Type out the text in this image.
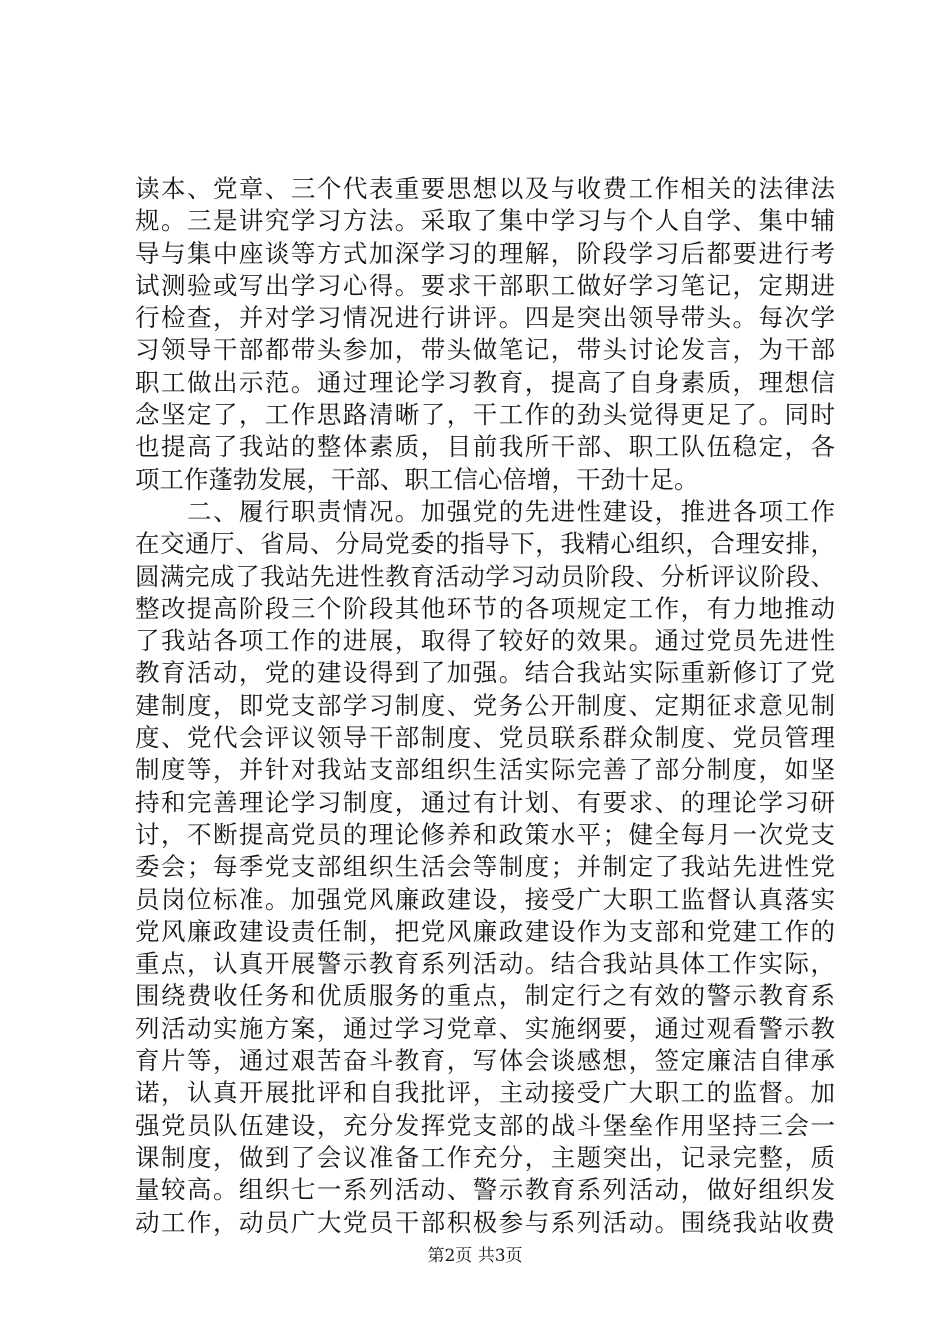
读本、党章、三个代表重要思想以及与收费工作相关的法律法
规。三是讲究学习方法。采取了集中学习与个人自学、集中辅
导与集中座谈等方式加深学习的理解，阶段学习后都要进行考
试测验或写出学习心得。要求干部职工做好学习笔记，定期进
行检查，并对学习情况进行讲评。四是突出领导带头。每次学
习领导干部都带头参加，带头做笔记，带头讨论发言，为干部
职工做出示范。通过理论学习教育，提高了自身素质，理想信
念坚定了，工作思路清晰了，干工作的劲头觉得更足了。同时
也提高了我站的整体素质，目前我所干部、职工队伍稳定，各
项工作蓬勃发展，干部、职工信心倍增，干劲十足。
　　二、履行职责情况。加强党的先进性建设，推进各项工作
在交通厅、省局、分局党委的指导下，我精心组织，合理安排，
圆满完成了我站先进性教育活动学习动员阶段、分析评议阶段、
整改提高阶段三个阶段其他环节的各项规定工作，有力地推动
了我站各项工作的进展，取得了较好的效果。通过党员先进性
教育活动，党的建设得到了加强。结合我站实际重新修订了党
建制度，即党支部学习制度、党务公开制度、定期征求意见制
度、党代会评议领导干部制度、党员联系群众制度、党员管理
制度等，并针对我站支部组织生活实际完善了部分制度，如坚
持和完善理论学习制度，通过有计划、有要求、的理论学习研
讨，不断提高党员的理论修养和政策水平；健全每月一次党支
委会；每季党支部组织生活会等制度；并制定了我站先进性党
员岗位标准。加强党风廉政建设，接受广大职工监督认真落实
党风廉政建设责任制，把党风廉政建设作为支部和党建工作的
重点，认真开展警示教育系列活动。结合我站具体工作实际，
围绕费收任务和优质服务的重点，制定行之有效的警示教育系
列活动实施方案，通过学习党章、实施纲要，通过观看警示教
育片等，通过艰苦奋斗教育，写体会谈感想，签定廉洁自律承
诺，认真开展批评和自我批评，主动接受广大职工的监督。加
强党员队伍建设，充分发挥党支部的战斗堡垒作用坚持三会一
课制度，做到了会议准备工作充分，主题突出，记录完整，质
量较高。组织七一系列活动、警示教育系列活动，做好组织发
动工作，动员广大党员干部积极参与系列活动。围绕我站收费
第2页 共3页
